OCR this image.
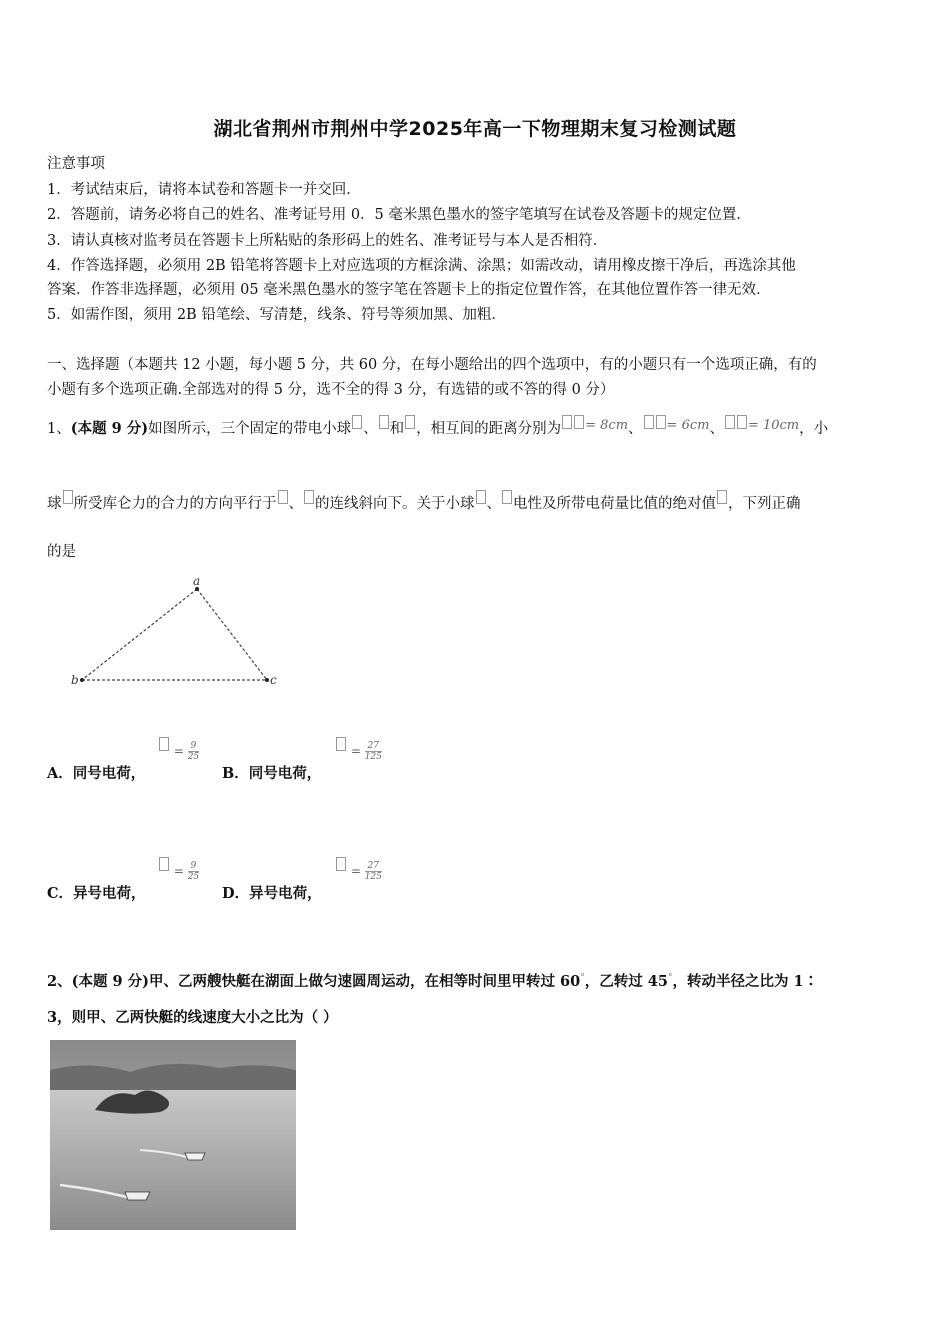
湖北省荆州市荆州中学2025年高一下物理期末复习检测试题
注意事项
1．考试结束后，请将本试卷和答题卡一并交回．
2．答题前，请务必将自己的姓名、准考证号用 0．5 毫米黑色墨水的签字笔填写在试卷及答题卡的规定位置．
3．请认真核对监考员在答题卡上所粘贴的条形码上的姓名、准考证号与本人是否相符．
4．作答选择题，必须用 2B 铅笔将答题卡上对应选项的方框涂满、涂黑；如需改动，请用橡皮擦干净后，再选涂其他
答案．作答非选择题，必须用 05 毫米黑色墨水的签字笔在答题卡上的指定位置作答，在其他位置作答一律无效．
5．如需作图，须用 2B 铅笔绘、写清楚，线条、符号等须加黑、加粗．
一、选择题（本题共 12 小题，每小题 5 分，共 60 分，在每小题给出的四个选项中，有的小题只有一个选项正确，有的
小题有多个选项正确.全部选对的得 5 分，选不全的得 3 分，有选错的或不答的得 0 分）
1、(本题 9 分)如图所示，三个固定的带电小球 、 和 ，相互间的距离分别为 = 8cm、 = 6cm、 = 10cm，小
球 所受库仑力的合力的方向平行于 、 的连线斜向下。关于小球 、 电性及所带电荷量比值的绝对值 ，下列正确
的是
a
b	c
A．同号电荷，
= $\frac{9}{25}$
B．同号电荷，
= $\frac{27}{125}$
C．异号电荷，
= $\frac{9}{25}$
D．异号电荷，
= $\frac{27}{125}$
2、(本题 9 分)甲、乙两艘快艇在湖面上做匀速圆周运动，在相等时间里甲转过 60°，乙转过 45°，转动半径之比为 1∶
3，则甲、乙两快艇的线速度大小之比为（ ）
